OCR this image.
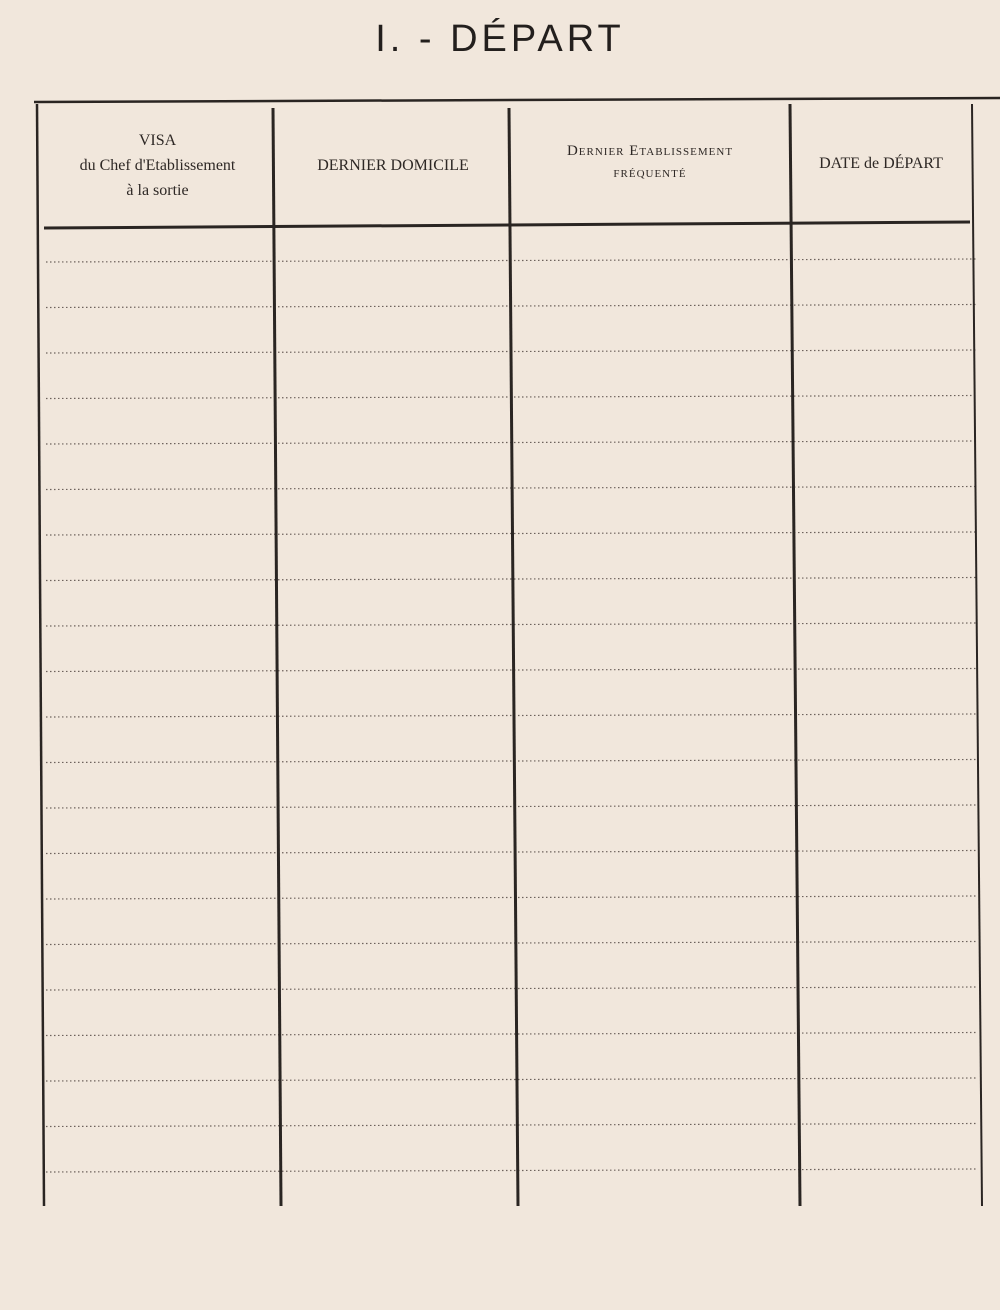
I. - DÉPART
VISA
du Chef d'Etablissement
à la sortie
DERNIER DOMICILE
Dernier Etablissement
fréquenté
DATE de DÉPART
